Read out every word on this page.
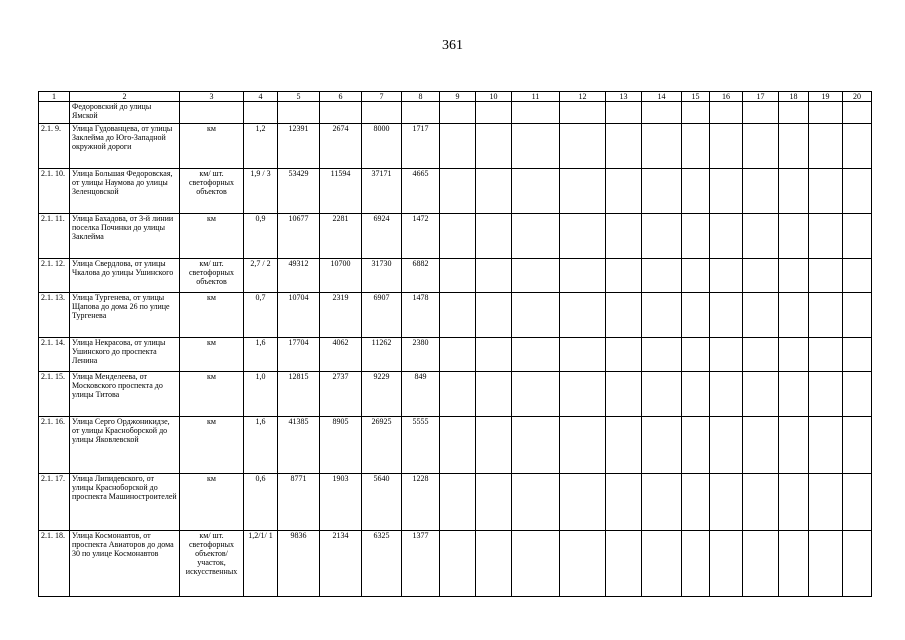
361
1	2	3	4	5	6	7	8	9	10	11	12	13	14	15	16	17	18	19	20
	Федоровский до улицы Ямской																		
2.1. 9.	Улица Гудованцева, от улицы Заклейма до Юго-Западной окружной дороги	км	1,2	12391	2674	8000	1717												
2.1. 10.	Улица Большая Федоровская, от улицы Наумова до улицы Зеленцовской	км/ шт. светофорных объектов	1,9 / 3	53429	11594	37171	4665												
2.1. 11.	Улица Бахадова, от 3-й линии поселка Починки до улицы Заклейма	км	0,9	10677	2281	6924	1472												
2.1. 12.	Улица Свердлова, от улицы Чкалова до улицы Ушинского	км/ шт. светофорных объектов	2,7 / 2	49312	10700	31730	6882												
2.1. 13.	Улица Тургенева, от улицы Щапова до дома 26 по улице Тургенева	км	0,7	10704	2319	6907	1478												
2.1. 14.	Улица Некрасова, от улицы Ушинского до проспекта Ленина	км	1,6	17704	4062	11262	2380												
2.1. 15.	Улица Менделеева, от Московского проспекта до улицы Титова	км	1,0	12815	2737	9229	849												
2.1. 16.	Улица Серго Орджоникидзе, от улицы Красноборской до улицы Яковлевской	км	1,6	41385	8905	26925	5555												
2.1. 17.	Улица Липидевского, от улицы Красноборской до проспекта Машиностроителей	км	0,6	8771	1903	5640	1228												
2.1. 18.	Улица Космонавтов, от проспекта Авиаторов до дома 30 по улице Космонавтов	км/ шт. светофорных объектов/ участок, искусственных	1,2/1/ 1	9836	2134	6325	1377												
